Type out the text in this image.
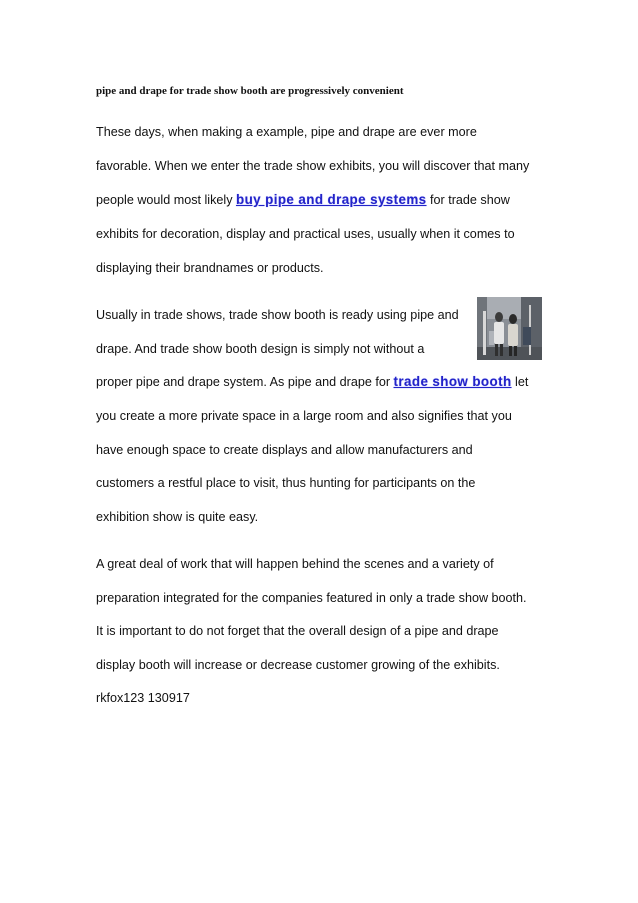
pipe and drape for trade show booth are progressively convenient
These days, when making a example, pipe and drape are ever more
favorable. When we enter the trade show exhibits, you will discover that many
people would most likely buy pipe and drape systems for trade show
exhibits for decoration, display and practical uses, usually when it comes to
displaying their brandnames or products.
Usually in trade shows, trade show booth is ready using pipe and
drape. And trade show booth design is simply not without a
proper pipe and drape system. As pipe and drape for trade show booth let
you create a more private space in a large room and also signifies that you
have enough space to create displays and allow manufacturers and
customers a restful place to visit, thus hunting for participants on the
exhibition show is quite easy.
A great deal of work that will happen behind the scenes and a variety of
preparation integrated for the companies featured in only a trade show booth.
It is important to do not forget that the overall design of a pipe and drape
display booth will increase or decrease customer growing of the exhibits.
rkfox123 130917
